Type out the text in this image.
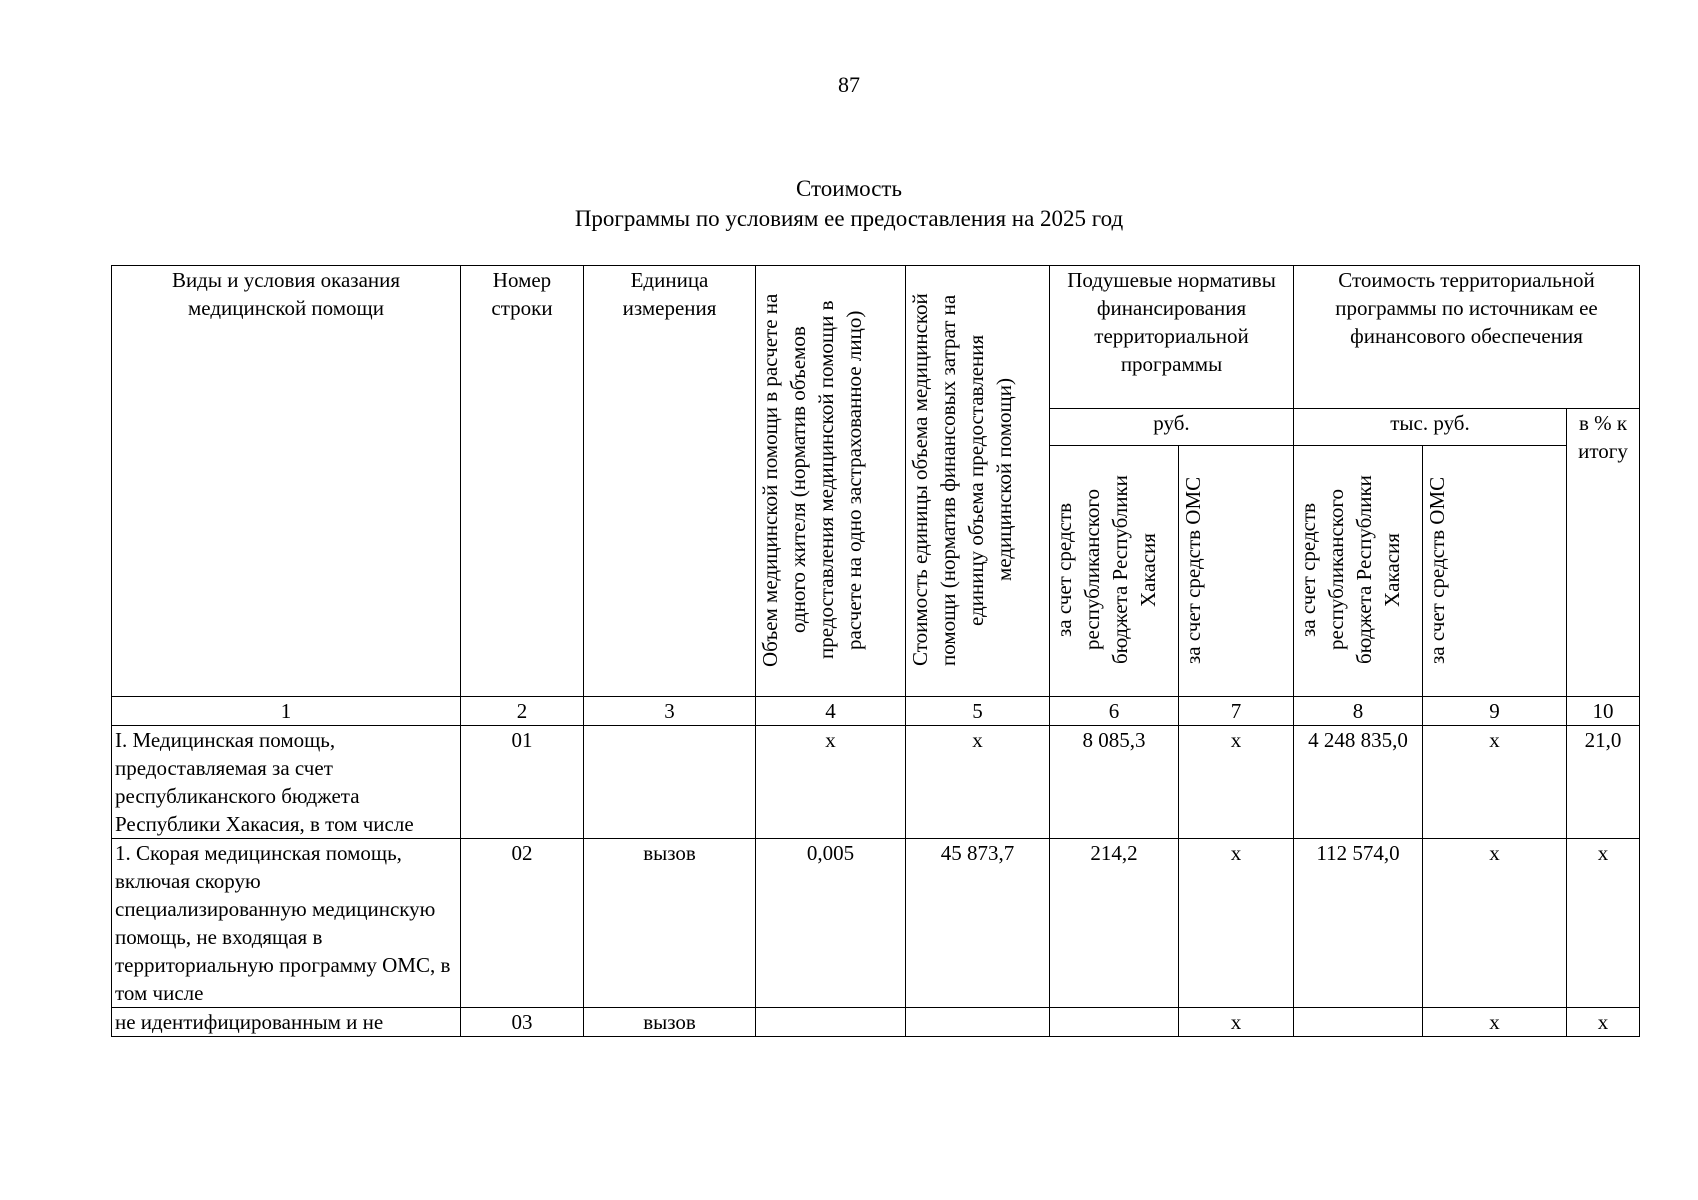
87
Стоимость
Программы по условиям ее предоставления на 2025 год
Виды и условия оказания медицинской помощи	Номер строки	Единица измерения	Объем медицинской помощи в расчете на одного жителя (норматив объемов предоставления медицинской помощи в расчете на одно застрахованное лицо)	Стоимость единицы объема медицинской помощи (норматив финансовых затрат на единицу объема предоставления медицинской помощи)	Подушевые нормативы финансирования территориальной программы		Стоимость территориальной программы по источникам ее финансового обеспечения		
					руб.		тыс. руб.		в % к итогу

					за счет средств республиканского бюджета Республики Хакасия	за счет средств ОМС	за счет средств республиканского бюджета Республики Хакасия	за счет средств ОМС	

1	2	3	4	5	6	7	8	9	10
I. Медицинская помощь, предоставляемая за счет республиканского бюджета Республики Хакасия, в том числе	01		х	х	8 085,3	х	4 248 835,0	х	21,0
1. Скорая медицинская помощь, включая скорую специализированную медицинскую помощь, не входящая в территориальную программу ОМС, в том числе	02	вызов	0,005	45 873,7	214,2	х	112 574,0	х	х
не идентифицированным и не	03	вызов				х		х	х
